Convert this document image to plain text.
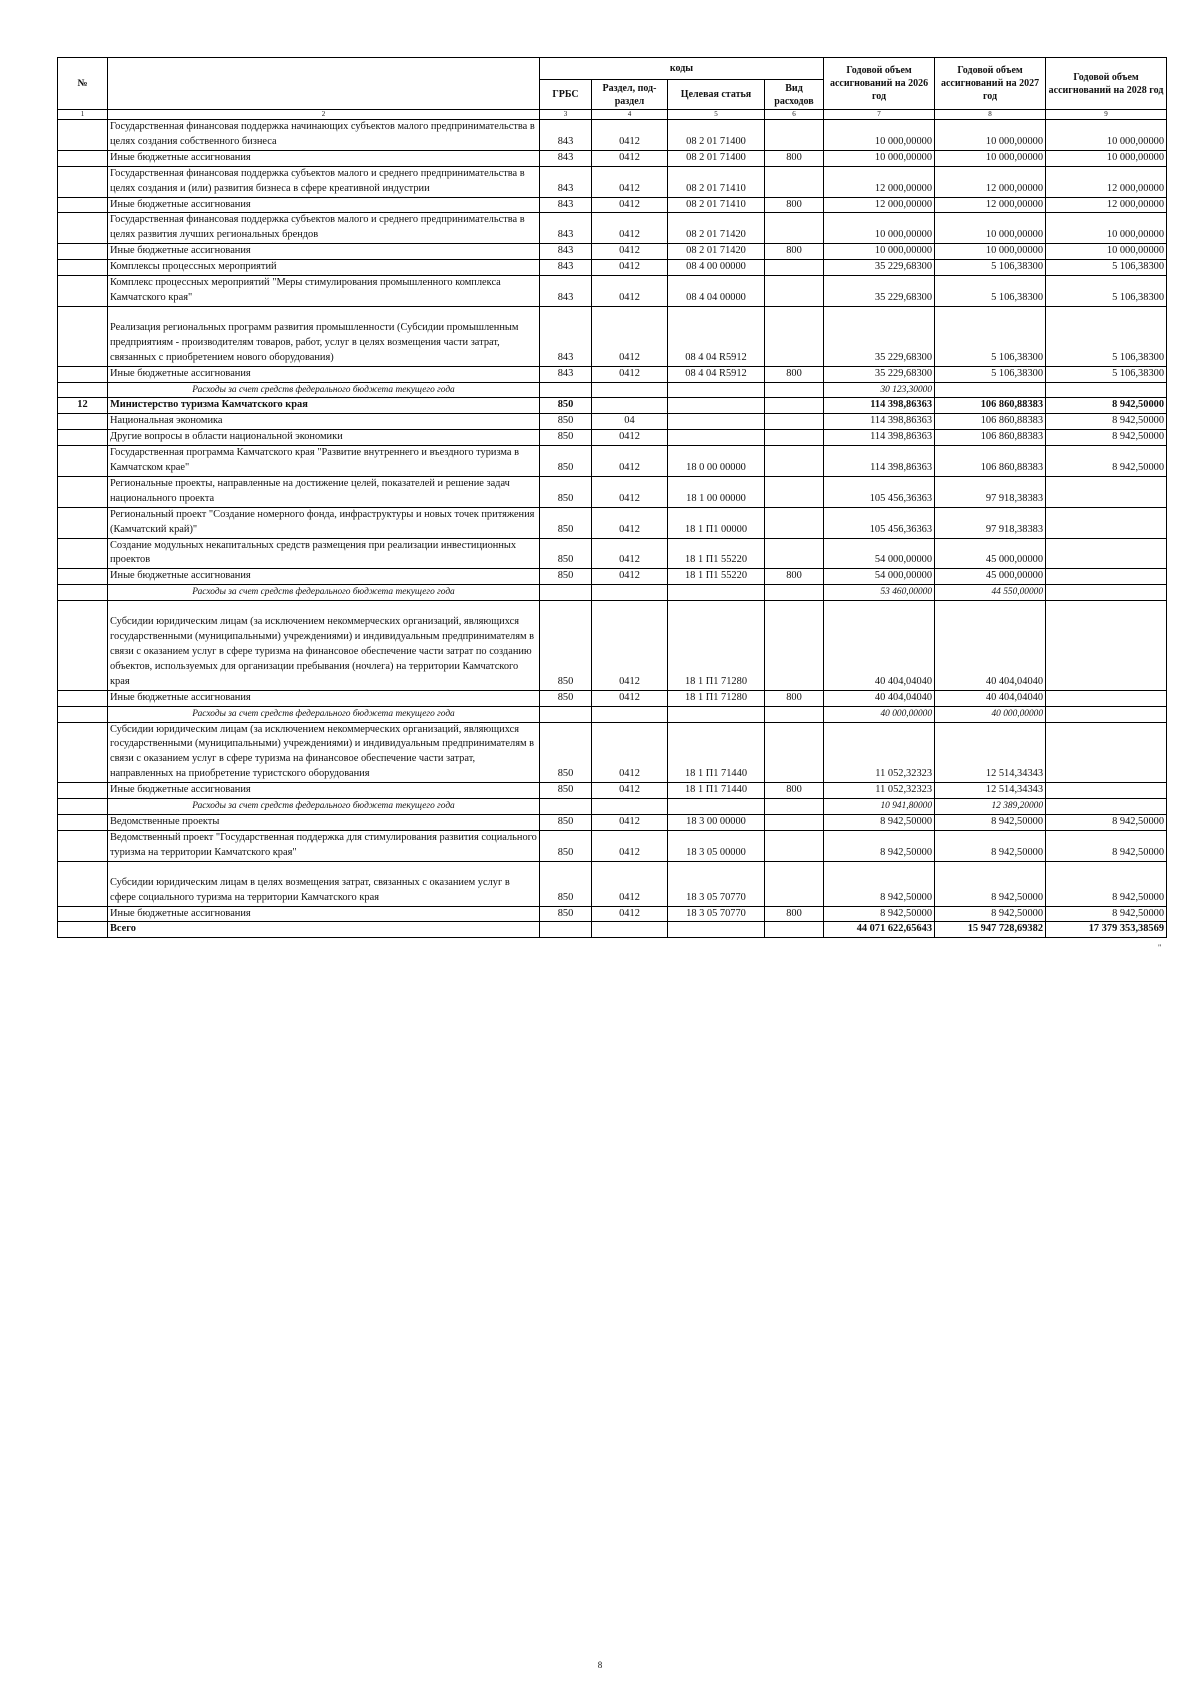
№		коды				Годовой объем ассигнований на 2026 год	Годовой объем ассигнований на 2027 год	Годовой объем ассигнований на 2028 год
		ГРБС	Раздел, под-раздел	Целевая статья	Вид расходов			
1	2	3	4	5	6	7	8	9
	Государственная финансовая поддержка начинающих субъектов малого предпринимательства в целях создания собственного бизнеса	843	0412	08 2 01 71400		10 000,00000	10 000,00000	10 000,00000
	Иные бюджетные ассигнования	843	0412	08 2 01 71400	800	10 000,00000	10 000,00000	10 000,00000
	Государственная финансовая поддержка субъектов малого и среднего предпринимательства в целях создания и (или) развития бизнеса в сфере креативной индустрии	843	0412	08 2 01 71410		12 000,00000	12 000,00000	12 000,00000
	Иные бюджетные ассигнования	843	0412	08 2 01 71410	800	12 000,00000	12 000,00000	12 000,00000
	Государственная финансовая поддержка субъектов малого и среднего предпринимательства в целях развития лучших региональных брендов	843	0412	08 2 01 71420		10 000,00000	10 000,00000	10 000,00000
	Иные бюджетные ассигнования	843	0412	08 2 01 71420	800	10 000,00000	10 000,00000	10 000,00000
	Комплексы процессных мероприятий	843	0412	08 4 00 00000		35 229,68300	5 106,38300	5 106,38300
	Комплекс процессных мероприятий "Меры стимулирования промышленного комплекса Камчатского края"	843	0412	08 4 04 00000		35 229,68300	5 106,38300	5 106,38300
	Реализация региональных программ развития промышленности (Субсидии промышленным предприятиям - производителям товаров, работ, услуг в целях возмещения части затрат, связанных с приобретением нового оборудования)	843	0412	08 4 04 R5912		35 229,68300	5 106,38300	5 106,38300
	Иные бюджетные ассигнования	843	0412	08 4 04 R5912	800	35 229,68300	5 106,38300	5 106,38300
	Расходы за счет средств федерального бюджета текущего года					30 123,30000		
12	Министерство туризма Камчатского края	850				114 398,86363	106 860,88383	8 942,50000
	Национальная экономика	850	04			114 398,86363	106 860,88383	8 942,50000
	Другие вопросы в области национальной экономики	850	0412			114 398,86363	106 860,88383	8 942,50000
	Государственная программа Камчатского края "Развитие внутреннего и въездного туризма в Камчатском крае"	850	0412	18 0 00 00000		114 398,86363	106 860,88383	8 942,50000
	Региональные проекты, направленные на достижение целей, показателей и решение задач национального проекта	850	0412	18 1 00 00000		105 456,36363	97 918,38383	
	Региональный проект "Создание номерного фонда, инфраструктуры и новых точек притяжения (Камчатский край)"	850	0412	18 1 П1 00000		105 456,36363	97 918,38383	
	Создание модульных некапитальных средств размещения при реализации инвестиционных проектов	850	0412	18 1 П1 55220		54 000,00000	45 000,00000	
	Иные бюджетные ассигнования	850	0412	18 1 П1 55220	800	54 000,00000	45 000,00000	
	Расходы за счет средств федерального бюджета текущего года					53 460,00000	44 550,00000	
	Субсидии юридическим лицам (за исключением некоммерческих организаций, являющихся государственными (муниципальными) учреждениями) и индивидуальным предпринимателям в связи с оказанием услуг в сфере туризма на финансовое обеспечение части затрат по созданию объектов, используемых для организации пребывания (ночлега) на территории Камчатского края	850	0412	18 1 П1 71280		40 404,04040	40 404,04040	
	Иные бюджетные ассигнования	850	0412	18 1 П1 71280	800	40 404,04040	40 404,04040	
	Расходы за счет средств федерального бюджета текущего года					40 000,00000	40 000,00000	
	Субсидии юридическим лицам (за исключением некоммерческих организаций, являющихся государственными (муниципальными) учреждениями) и индивидуальным предпринимателям в связи с оказанием услуг в сфере туризма на финансовое обеспечение части затрат, направленных на приобретение туристского оборудования	850	0412	18 1 П1 71440		11 052,32323	12 514,34343	
	Иные бюджетные ассигнования	850	0412	18 1 П1 71440	800	11 052,32323	12 514,34343	
	Расходы за счет средств федерального бюджета текущего года					10 941,80000	12 389,20000	
	Ведомственные проекты	850	0412	18 3 00 00000		8 942,50000	8 942,50000	8 942,50000
	Ведомственный проект "Государственная поддержка для стимулирования развития социального туризма на территории Камчатского края"	850	0412	18 3 05 00000		8 942,50000	8 942,50000	8 942,50000
	Субсидии юридическим лицам в целях возмещения затрат, связанных с оказанием услуг в сфере социального туризма на территории Камчатского края	850	0412	18 3 05 70770		8 942,50000	8 942,50000	8 942,50000
	Иные бюджетные ассигнования	850	0412	18 3 05 70770	800	8 942,50000	8 942,50000	8 942,50000
	Всего					44 071 622,65643	15 947 728,69382	17 379 353,38569
"
8
